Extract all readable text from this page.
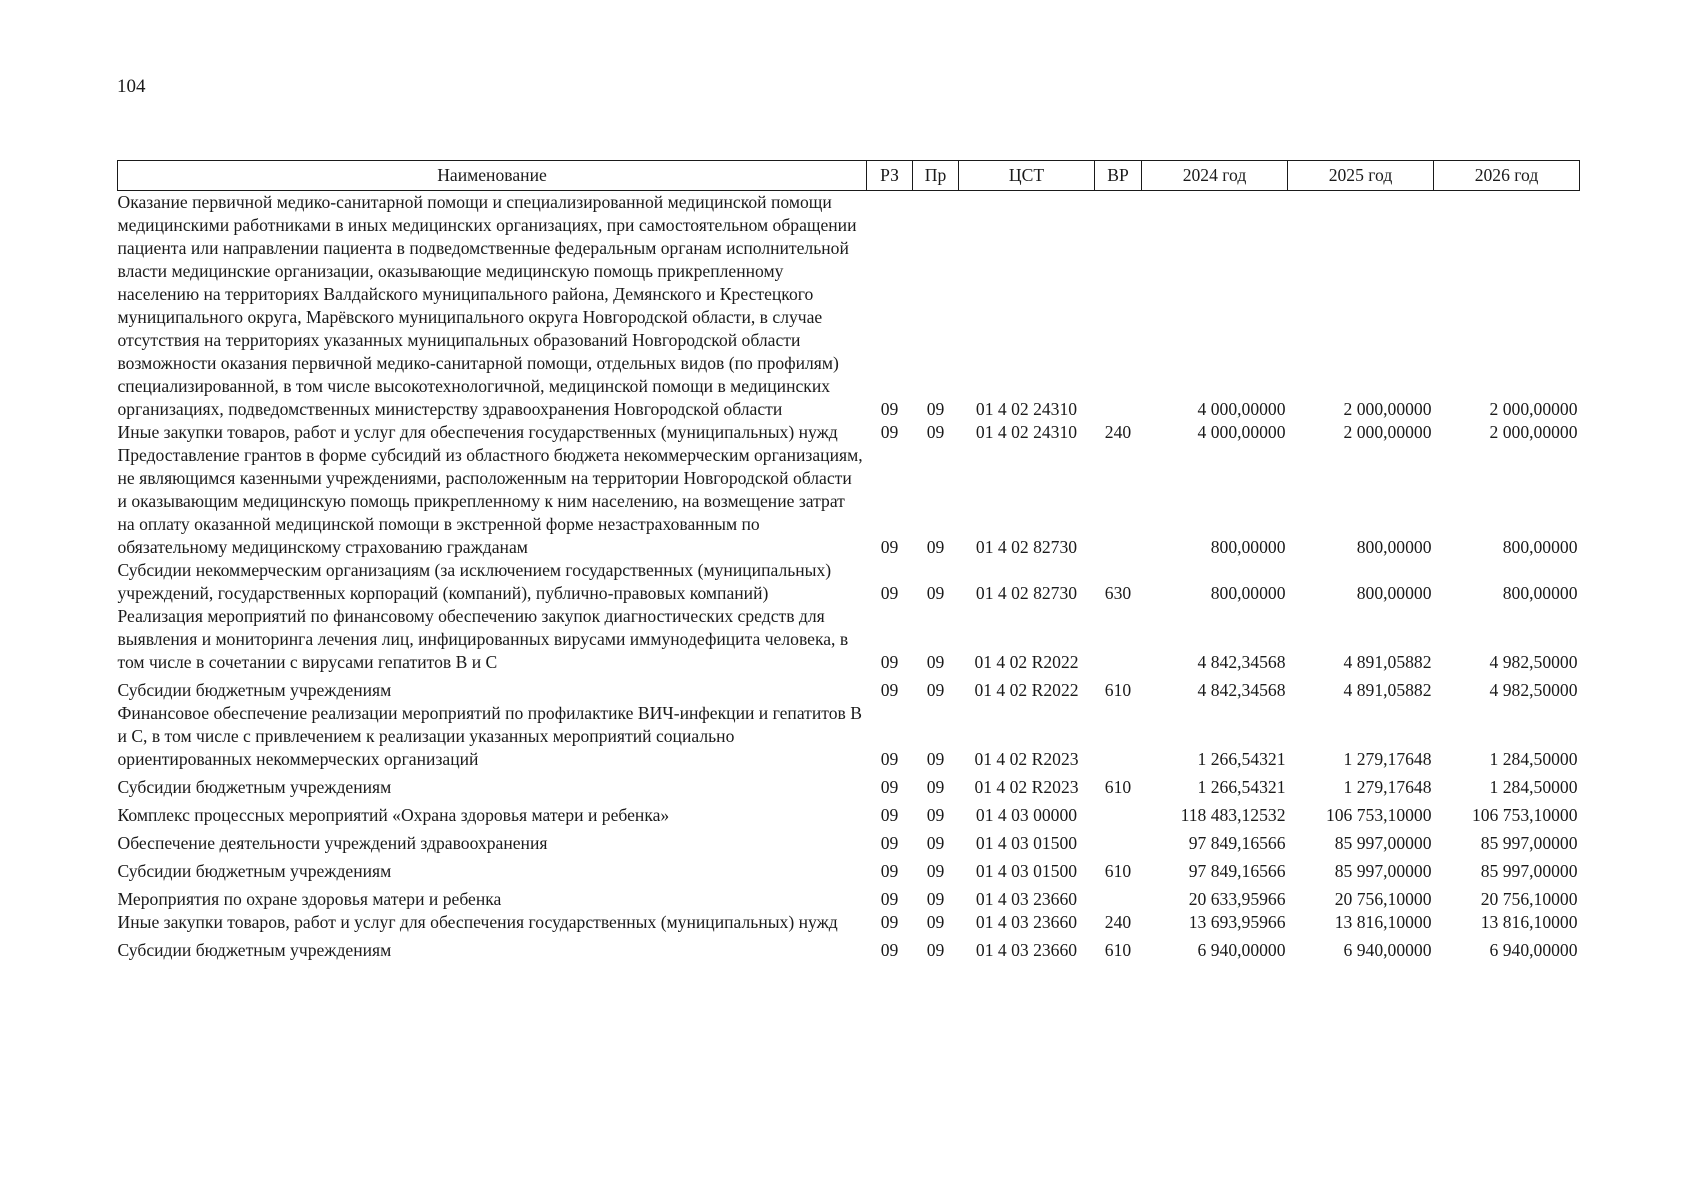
104
Наименование	РЗ	Пр	ЦСТ	ВР	2024 год	2025 год	2026 год
Оказание первичной медико-санитарной помощи и специализированной медицинской помощи медицинскими работниками в иных медицинских организациях, при самостоятельном обращении пациента или направлении пациента в подведомственные федеральным органам исполнительной власти медицинские организации, оказывающие медицинскую помощь прикрепленному населению на территориях Валдайского муниципального района, Демянского и Крестецкого муниципального округа, Марёвского муниципального округа Новгородской области, в случае отсутствия на территориях указанных муниципальных образований Новгородской области возможности оказания первичной медико-санитарной помощи, отдельных видов (по профилям) специализированной, в том числе высокотехнологичной, медицинской помощи в медицинских организациях, подведомственных министерству здравоохранения Новгородской области	09	09	01 4 02 24310		4 000,00000	2 000,00000	2 000,00000
Иные закупки товаров, работ и услуг для обеспечения государственных (муниципальных) нужд	09	09	01 4 02 24310	240	4 000,00000	2 000,00000	2 000,00000
Предоставление грантов в форме субсидий из областного бюджета некоммерческим организациям, не являющимся казенными учреждениями, расположенным на территории Новгородской области и оказывающим медицинскую помощь прикрепленному к ним населению, на возмещение затрат на оплату оказанной медицинской помощи в экстренной форме незастрахованным по обязательному медицинскому страхованию гражданам	09	09	01 4 02 82730		800,00000	800,00000	800,00000
Субсидии некоммерческим организациям (за исключением государственных (муниципальных) учреждений, государственных корпораций (компаний), публично-правовых компаний)	09	09	01 4 02 82730	630	800,00000	800,00000	800,00000
Реализация мероприятий по финансовому обеспечению закупок диагностических средств для выявления и мониторинга лечения лиц, инфицированных вирусами иммунодефицита человека, в том числе в сочетании с вирусами гепатитов В и С	09	09	01 4 02 R2022		4 842,34568	4 891,05882	4 982,50000
Субсидии бюджетным учреждениям	09	09	01 4 02 R2022	610	4 842,34568	4 891,05882	4 982,50000
Финансовое обеспечение реализации мероприятий по профилактике ВИЧ-инфекции и гепатитов В и С, в том числе с привлечением к реализации указанных мероприятий социально ориентированных некоммерческих организаций	09	09	01 4 02 R2023		1 266,54321	1 279,17648	1 284,50000
Субсидии бюджетным учреждениям	09	09	01 4 02 R2023	610	1 266,54321	1 279,17648	1 284,50000
Комплекс процессных мероприятий «Охрана здоровья матери и ребенка»	09	09	01 4 03 00000		118 483,12532	106 753,10000	106 753,10000
Обеспечение деятельности учреждений здравоохранения	09	09	01 4 03 01500		97 849,16566	85 997,00000	85 997,00000
Субсидии бюджетным учреждениям	09	09	01 4 03 01500	610	97 849,16566	85 997,00000	85 997,00000
Мероприятия по охране здоровья матери и ребенка	09	09	01 4 03 23660		20 633,95966	20 756,10000	20 756,10000
Иные закупки товаров, работ и услуг для обеспечения государственных (муниципальных) нужд	09	09	01 4 03 23660	240	13 693,95966	13 816,10000	13 816,10000
Субсидии бюджетным учреждениям	09	09	01 4 03 23660	610	6 940,00000	6 940,00000	6 940,00000
